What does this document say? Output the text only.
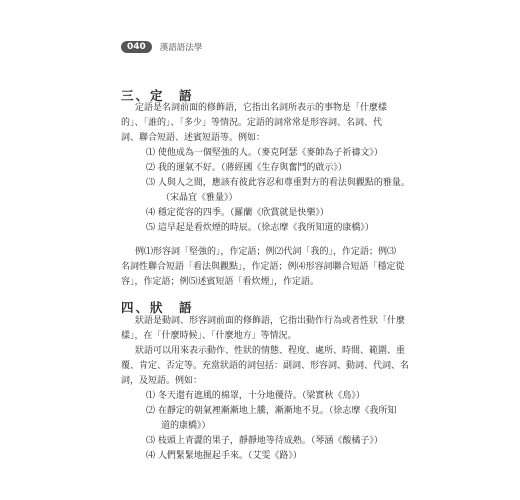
040	漢語語法學
三、定　語
定語是名詞前面的修飾語，它指出名詞所表示的事物是「什麼樣
的」、「誰的」、「多少」等情況。定語的詞常常是形容詞、名詞、代
詞、聯合短語、述賓短語等。例如：
⑴ 使他成為一個堅強的人。（麥克阿瑟《麥帥為子祈禱文》）
⑵ 我的運氣不好。（蔣經國《生存與奮鬥的啟示》）
⑶ 人與人之間，應該有彼此容忍和尊重對方的看法與觀點的雅量。
（宋晶宜《雅量》）
⑷ 穩定從容的四季。（羅蘭《欣賞就是快樂》）
⑸ 這早起是看炊煙的時辰。（徐志摩《我所知道的康橋》）
例⑴形容詞「堅強的」，作定語；例⑵代詞「我的」，作定語；例⑶
名詞性聯合短語「看法與觀點」，作定語；例⑷形容詞聯合短語「穩定從
容」，作定語；例⑸述賓短語「看炊煙」，作定語。
四、狀　語
狀語是動詞、形容詞前面的修飾語，它指出動作行為或者性狀「什麼
樣」，在「什麼時候」、「什麼地方」等情況。
狀語可以用來表示動作、性狀的情態、程度、處所、時間、範圍、重
覆、肯定、否定等。充當狀語的詞包括：副詞、形容詞、動詞、代詞、名
詞，及短語。例如：
⑴ 冬天還有遮風的棉罩，十分地優待。（梁實秋《鳥》）
⑵ 在靜定的朝氣裡漸漸地上騰，漸漸地不見。（徐志摩《我所知
道的康橋》）
⑶ 枝頭上青澀的果子，靜靜地等待成熟。（琴涵《酸橘子》）
⑷ 人們緊緊地握起手來。（艾雯《路》）
